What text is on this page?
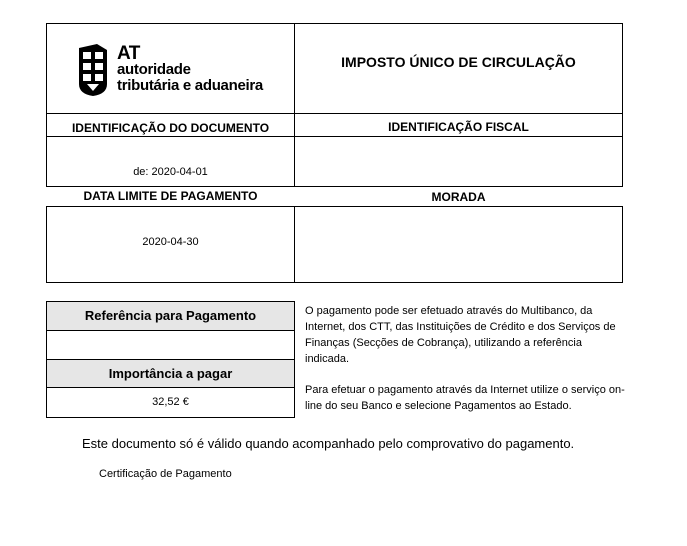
AT
autoridade
tributária e aduaneira
IMPOSTO ÚNICO DE CIRCULAÇÃO
IDENTIFICAÇÃO DO DOCUMENTO
de: 2020-04-01
IDENTIFICAÇÃO FISCAL
DATA LIMITE DE PAGAMENTO
2020-04-30
MORADA
Referência para Pagamento
Importância a pagar
32,52 €
O pagamento pode ser efetuado através do Multibanco, da Internet, dos CTT, das Instituições de Crédito e dos Serviços de Finanças (Secções de Cobrança), utilizando a referência indicada.
Para efetuar o pagamento através da Internet utilize o serviço on-line do seu Banco e selecione Pagamentos ao Estado.
Este documento só é válido quando acompanhado pelo comprovativo do pagamento.
Certificação de Pagamento
